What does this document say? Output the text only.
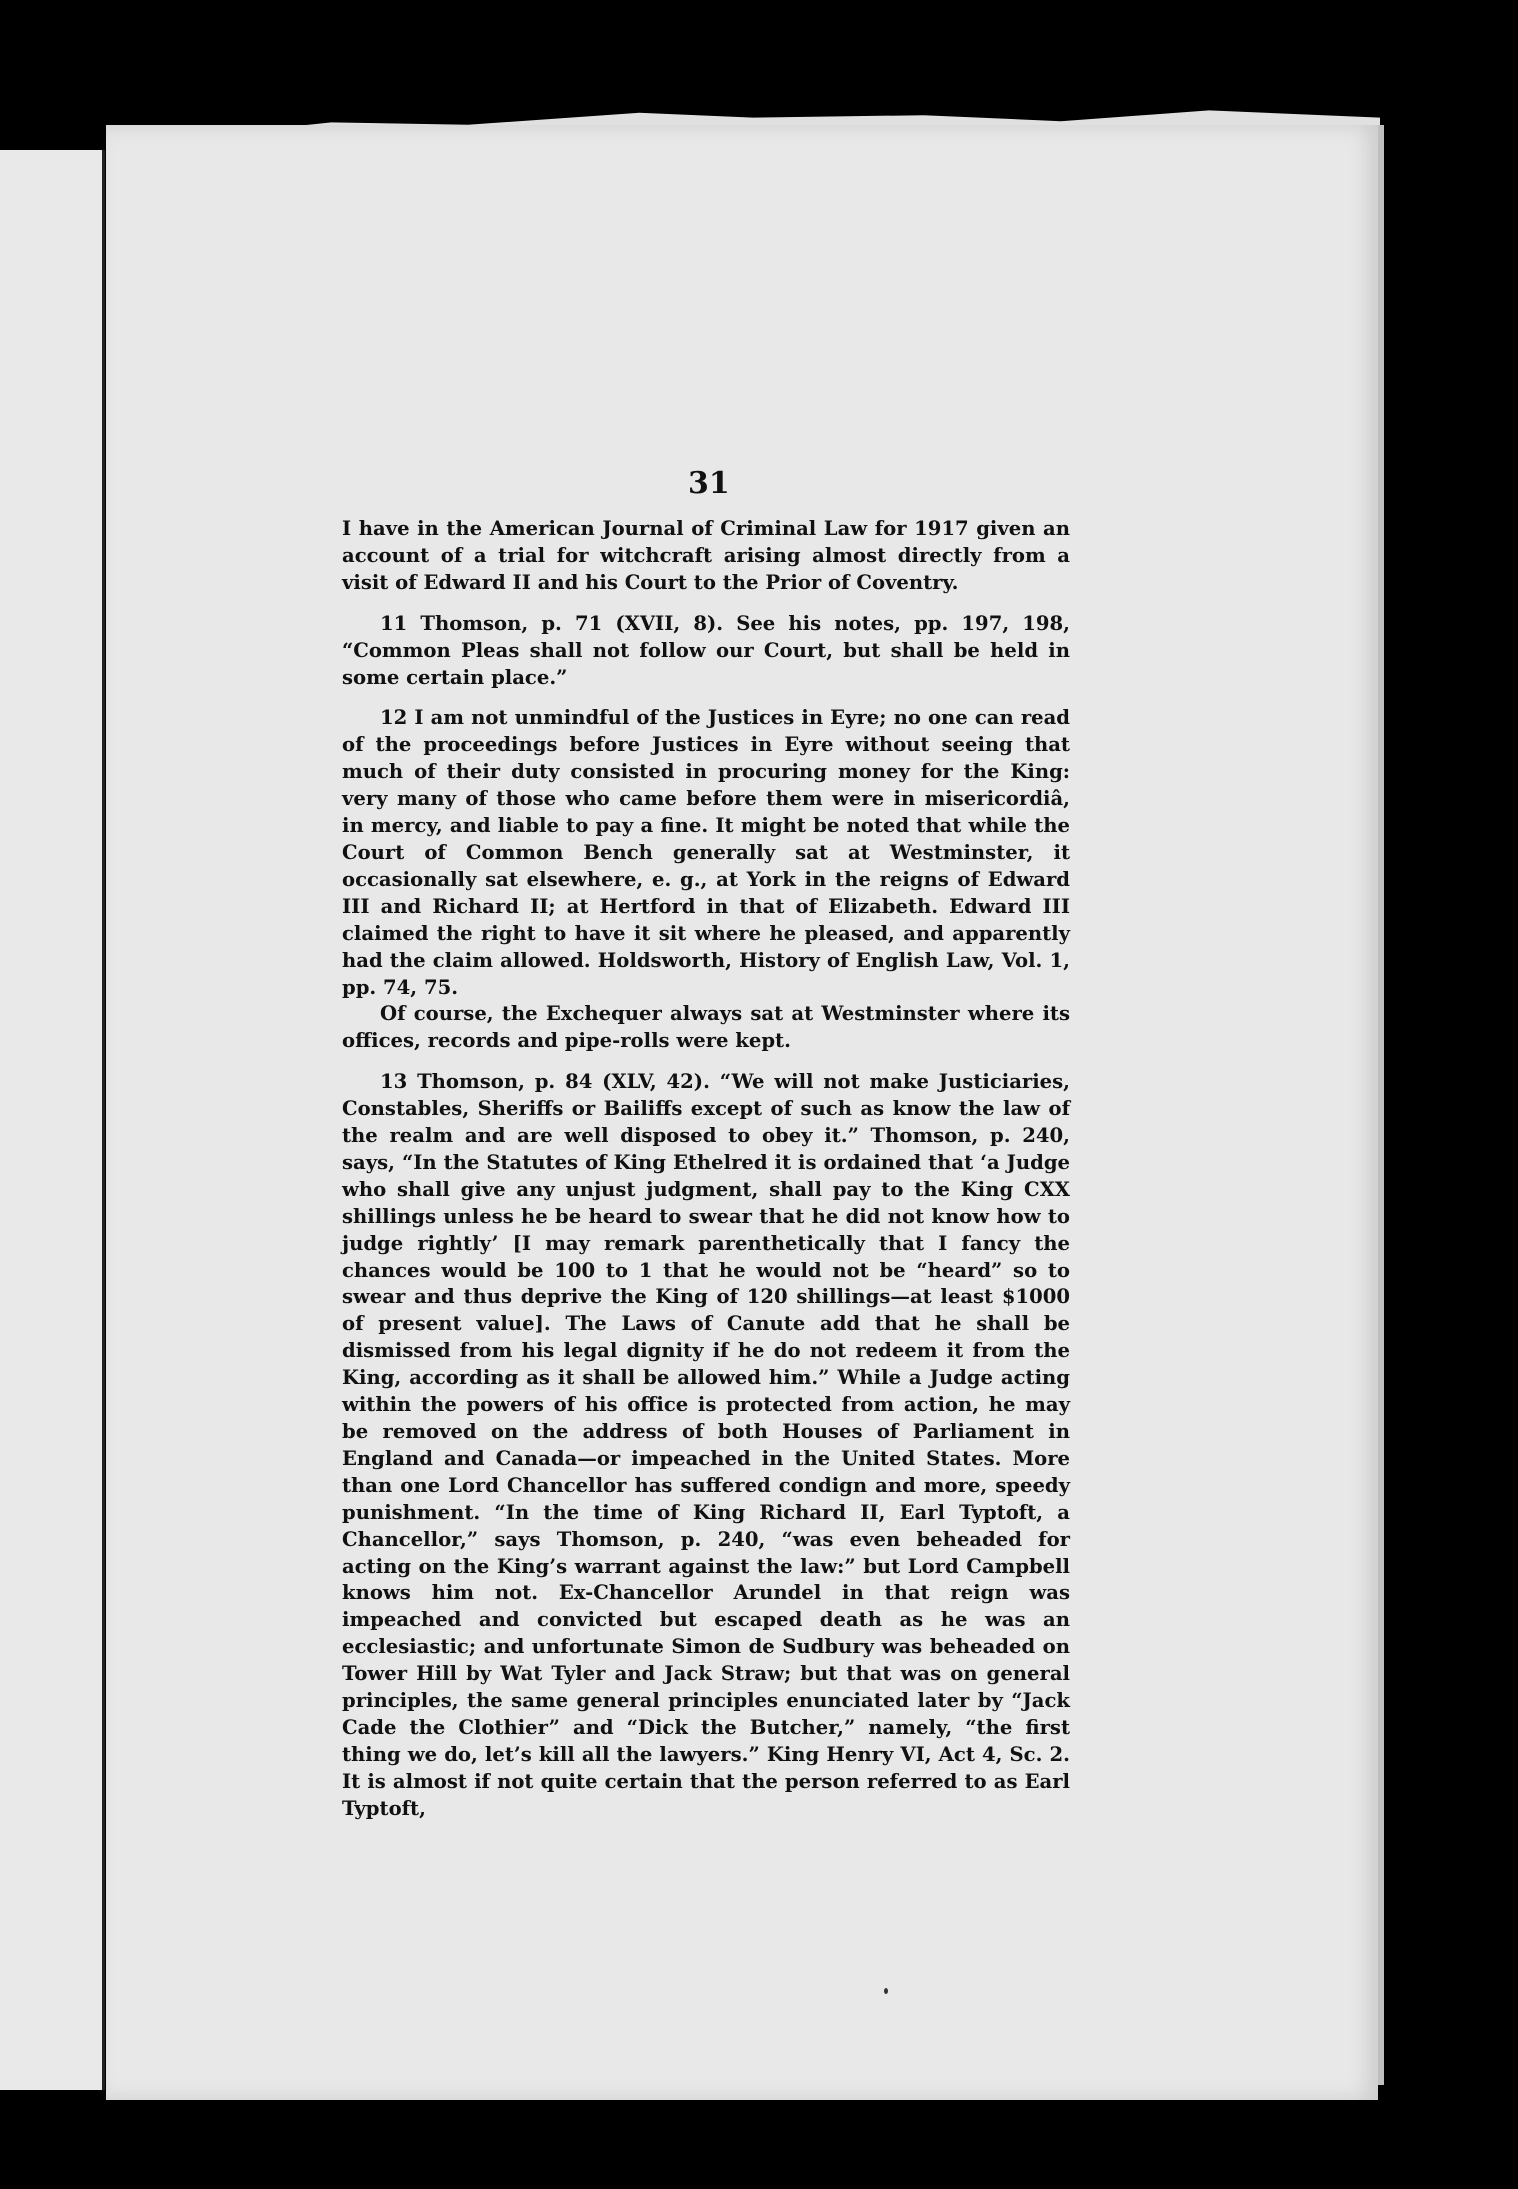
31

I have in the American Journal of Criminal Law for 1917 given an account of a trial for witchcraft arising almost directly from a visit of Edward II and his Court to the Prior of Coventry.

11 Thomson, p. 71 (XVII, 8). See his notes, pp. 197, 198, “Common Pleas shall not follow our Court, but shall be held in some certain place.”

12 I am not unmindful of the Justices in Eyre; no one can read of the proceedings before Justices in Eyre without seeing that much of their duty consisted in procuring money for the King: very many of those who came before them were in misericordiâ, in mercy, and liable to pay a fine. It might be noted that while the Court of Common Bench generally sat at Westminster, it occasionally sat elsewhere, e. g., at York in the reigns of Edward III and Richard II; at Hertford in that of Elizabeth. Edward III claimed the right to have it sit where he pleased, and apparently had the claim allowed. Holdsworth, History of English Law, Vol. 1, pp. 74, 75.

Of course, the Exchequer always sat at Westminster where its offices, records and pipe-rolls were kept.

13 Thomson, p. 84 (XLV, 42). “We will not make Justiciaries, Constables, Sheriffs or Bailiffs except of such as know the law of the realm and are well disposed to obey it.” Thomson, p. 240, says, “In the Statutes of King Ethelred it is ordained that ‘a Judge who shall give any unjust judgment, shall pay to the King CXX shillings unless he be heard to swear that he did not know how to judge rightly’ [I may remark parenthetically that I fancy the chances would be 100 to 1 that he would not be “heard” so to swear and thus deprive the King of 120 shillings—at least $1000 of present value]. The Laws of Canute add that he shall be dismissed from his legal dignity if he do not redeem it from the King, according as it shall be allowed him.” While a Judge acting within the powers of his office is protected from action, he may be removed on the address of both Houses of Parliament in England and Canada—or impeached in the United States. More than one Lord Chancellor has suffered condign and more, speedy punishment. “In the time of King Richard II, Earl Typtoft, a Chancellor,” says Thomson, p. 240, “was even beheaded for acting on the King’s warrant against the law:” but Lord Campbell knows him not. Ex-Chancellor Arundel in that reign was impeached and convicted but escaped death as he was an ecclesiastic; and unfortunate Simon de Sudbury was beheaded on Tower Hill by Wat Tyler and Jack Straw; but that was on general principles, the same general principles enunciated later by “Jack Cade the Clothier” and “Dick the Butcher,” namely, “the first thing we do, let’s kill all the lawyers.” King Henry VI, Act 4, Sc. 2. It is almost if not quite certain that the person referred to as Earl Typtoft,
